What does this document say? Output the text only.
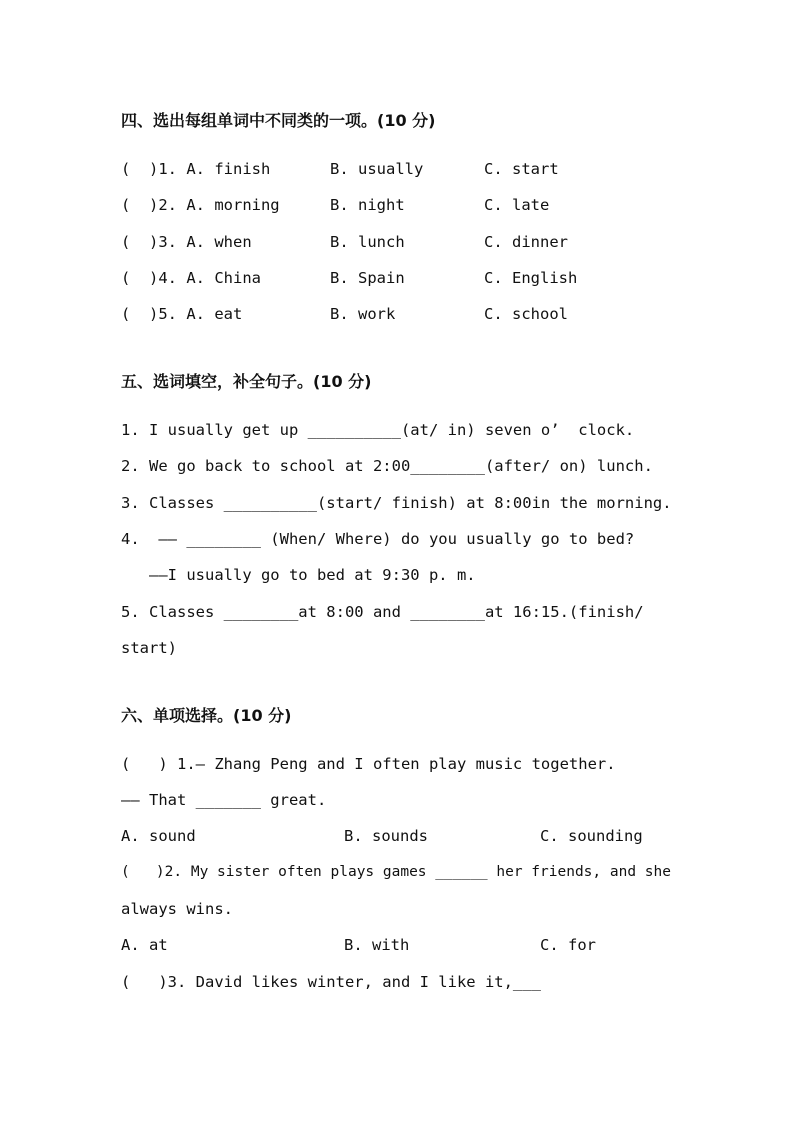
四、选出每组单词中不同类的一项。(10 分)
(  )1. A. finish	B. usually	C. start
(  )2. A. morning	B. night	C. late
(  )3. A. when	B. lunch	C. dinner
(  )4. A. China	B. Spain	C. English
(  )5. A. eat	B. work	C. school
五、选词填空，补全句子。(10 分)
1. I usually get up __________(at/ in) seven o’  clock.
2. We go back to school at 2:00________(after/ on) lunch.
3. Classes __________(start/ finish) at 8:00in the morning.
4.  —— ________ (When/ Where) do you usually go to bed?
——I usually go to bed at 9:30 p. m.
5. Classes ________at 8:00 and ________at 16:15.(finish/
start)
六、单项选择。(10 分)
(   ) 1.— Zhang Peng and I often play music together.
—— That _______ great.
A. sound	B. sounds	C. sounding
(   )2. My sister often plays games ______ her friends, and she
always wins.
A. at	B. with	C. for
(   )3. David likes winter, and I like it,___
